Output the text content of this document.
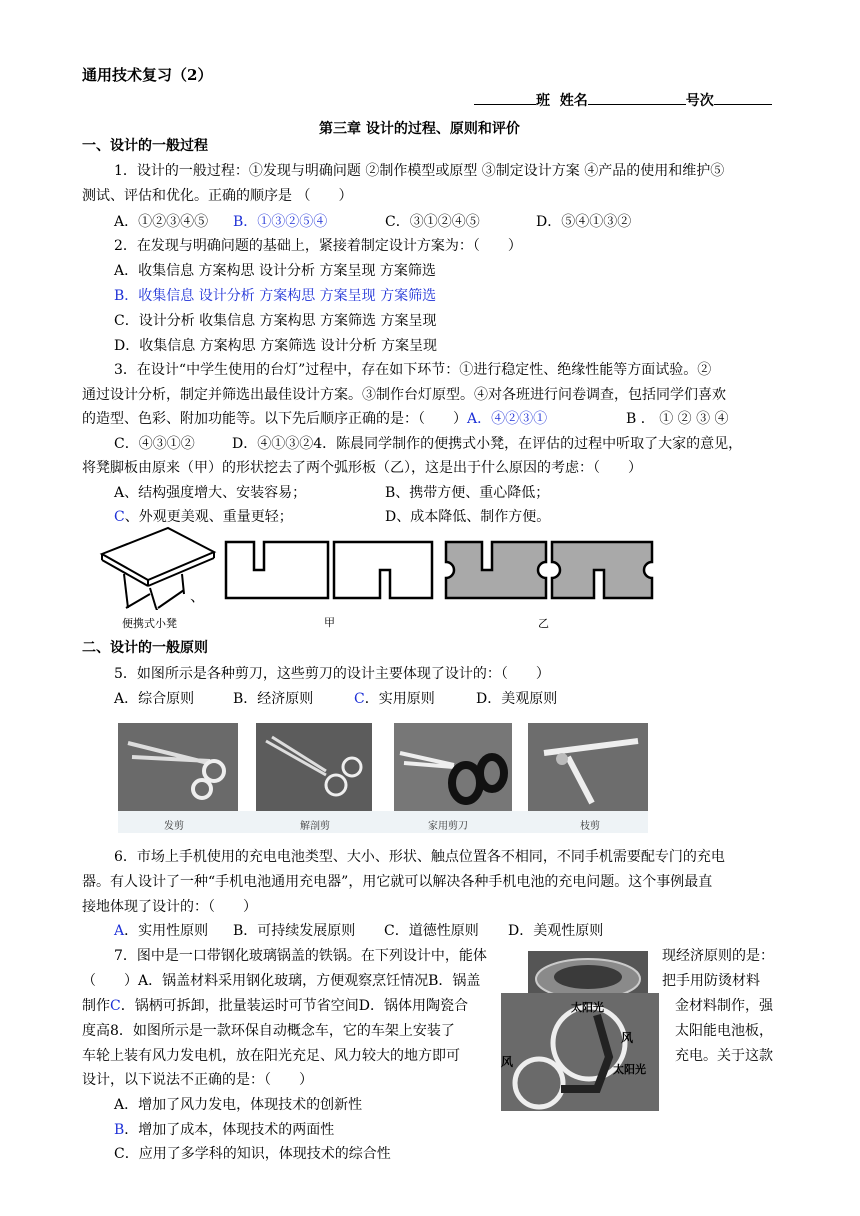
通用技术复习（2）
班 姓名	号次
第三章 设计的过程、原则和评价
一、设计的一般过程
1．设计的一般过程：①发现与明确问题 ②制作模型或原型 ③制定设计方案 ④产品的使用和维护⑤
测试、评估和优化。正确的顺序是 （　　）
A．①②③④⑤ B．①③②⑤④	C．③①②④⑤	D．⑤④①③②
2．在发现与明确问题的基础上，紧接着制定设计方案为：（　　）
A．收集信息 方案构思 设计分析 方案呈现 方案筛选
B．收集信息 设计分析 方案构思 方案呈现 方案筛选
C．设计分析 收集信息 方案构思 方案筛选 方案呈现
D．收集信息 方案构思 方案筛选 设计分析 方案呈现
3．在设计“中学生使用的台灯”过程中，存在如下环节：①进行稳定性、绝缘性能等方面试验。②
通过设计分析，制定并筛选出最佳设计方案。③制作台灯原型。④对各班进行问卷调查，包括同学们喜欢
的造型、色彩、附加功能等。以下先后顺序正确的是：（　　）A．④②③①	B ． ① ② ③ ④
C．④③①②	D．④①③②4．陈晨同学制作的便携式小凳，在评估的过程中听取了大家的意见，
将凳脚板由原来（甲）的形状挖去了两个弧形板（乙），这是出于什么原因的考虑：（　　）
A、结构强度增大、安装容易；	B、携带方便、重心降低；
C、外观更美观、重量更轻；	D、成本降低、制作方便。
、
便携式小凳	甲	乙
二、设计的一般原则
5．如图所示是各种剪刀，这些剪刀的设计主要体现了设计的：（　　）
A．综合原则	B．经济原则	C．实用原则	D．美观原则
发剪	解剖剪	家用剪刀	枝剪
6．市场上手机使用的充电电池类型、大小、形状、触点位置各不相同，不同手机需要配专门的充电
器。有人设计了一种“手机电池通用充电器”，用它就可以解决各种手机电池的充电问题。这个事例最直
接地体现了设计的：（　　）
A．实用性原则 B．可持续发展原则 C．道德性原则 D．美观性原则
7．图中是一口带钢化玻璃锅盖的铁锅。在下列设计中，能体	现经济原则的是：
（　　）A．锅盖材料采用钢化玻璃，方便观察烹饪情况B．锅盖	把手用防烫材料
制作C．锅柄可拆卸，批量装运时可节省空间D．锅体用陶瓷合	金材料制作，强
度高8．如图所示是一款环保自动概念车，它的车架上安装了	太阳能电池板，
车轮上装有风力发电机，放在阳光充足、风力较大的地方即可	充电。关于这款
设计，以下说法不正确的是：（　　）
太阳光
风
太阳光
风
A．增加了风力发电，体现技术的创新性
B．增加了成本，体现技术的两面性
C．应用了多学科的知识，体现技术的综合性
